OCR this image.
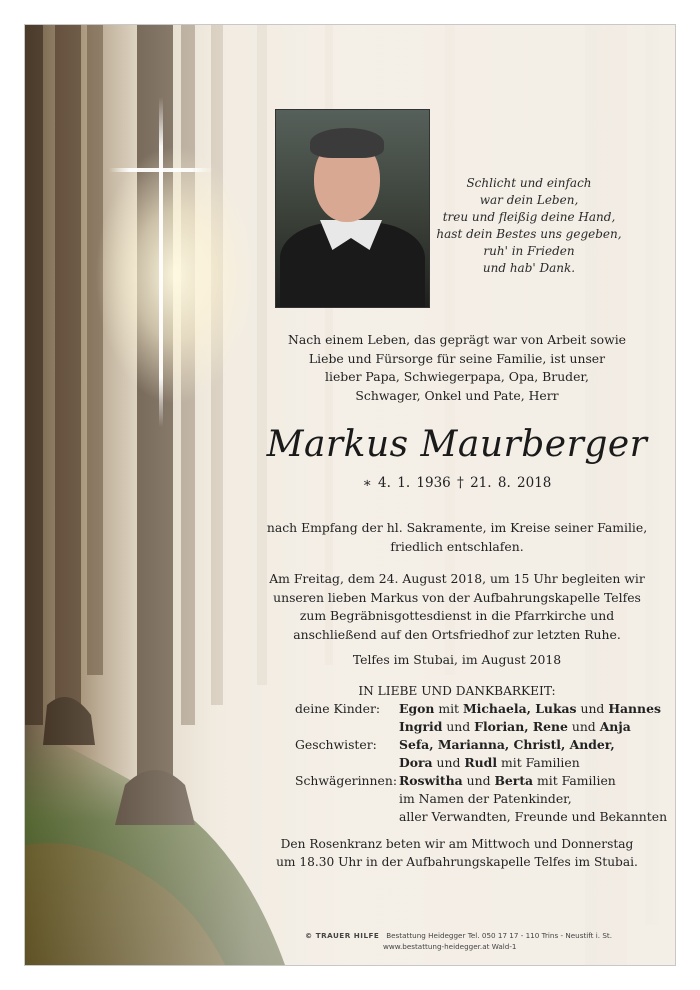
Schlicht und einfach
war dein Leben,
treu und fleißig deine Hand,
hast dein Bestes uns gegeben,
ruh' in Frieden
und hab' Dank.
Nach einem Leben, das geprägt war von Arbeit sowie
Liebe und Fürsorge für seine Familie, ist unser
lieber Papa, Schwiegerpapa, Opa, Bruder,
Schwager, Onkel und Pate, Herr
Markus Maurberger
∗ 4. 1. 1936 † 21. 8. 2018
nach Empfang der hl. Sakramente, im Kreise seiner Familie,
friedlich entschlafen.
Am Freitag, dem 24. August 2018, um 15 Uhr begleiten wir
unseren lieben Markus von der Aufbahrungskapelle Telfes
zum Begräbnisgottesdienst in die Pfarrkirche und
anschließend auf den Ortsfriedhof zur letzten Ruhe.
Telfes im Stubai, im August 2018
IN LIEBE UND DANKBARKEIT:
deine Kinder: Egon mit Michaela, Lukas und Hannes
Ingrid und Florian, Rene und Anja
Geschwister: Sefa, Marianna, Christl, Ander,
Dora und Rudl mit Familien
Schwägerinnen: Roswitha und Berta mit Familien
im Namen der Patenkinder,
aller Verwandten, Freunde und Bekannten
Den Rosenkranz beten wir am Mittwoch und Donnerstag
um 18.30 Uhr in der Aufbahrungskapelle Telfes im Stubai.
© TRAUER HILFE Bestattung Heidegger Tel. 050 17 17 - 110 Trins - Neustift i. St.
www.bestattung-heidegger.at Wald-1
